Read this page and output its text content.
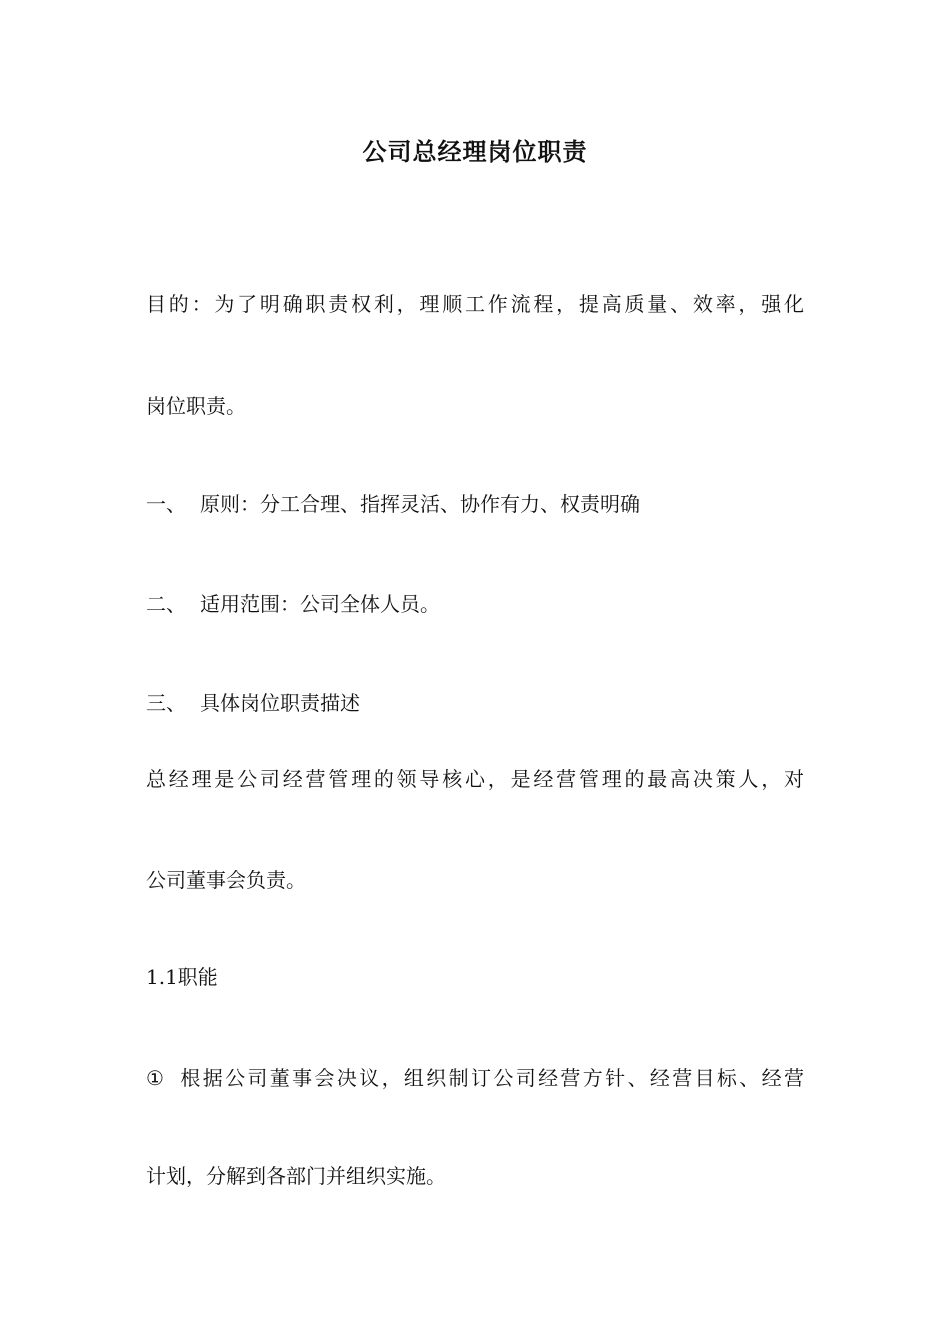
公司总经理岗位职责
目的：为了明确职责权利，理顺工作流程，提高质量、效率，强化
岗位职责。
一、 原则：分工合理、指挥灵活、协作有力、权责明确
二、 适用范围：公司全体人员。
三、 具体岗位职责描述
总经理是公司经营管理的领导核心，是经营管理的最高决策人，对
公司董事会负责。
1.1职能
① 根据公司董事会决议，组织制订公司经营方针、经营目标、经营
计划，分解到各部门并组织实施。
